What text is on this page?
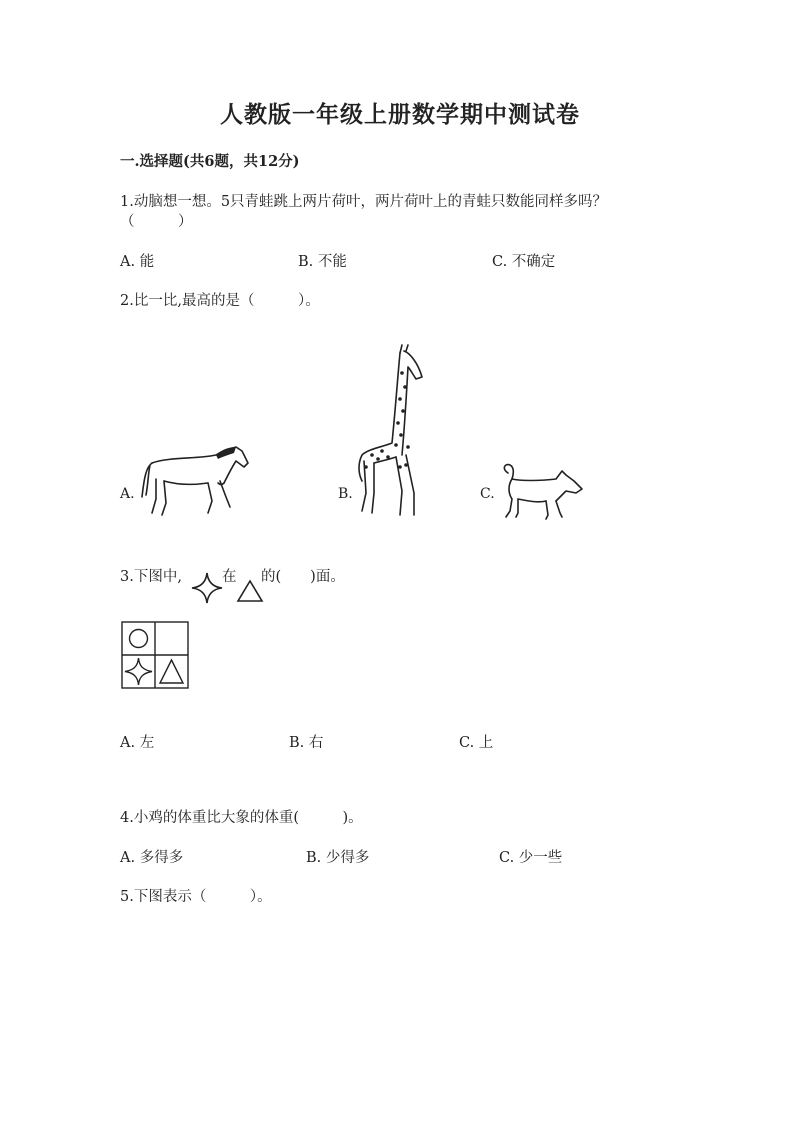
人教版一年级上册数学期中测试卷
一.选择题(共6题，共12分)
1.动脑想一想。5只青蛙跳上两片荷叶，两片荷叶上的青蛙只数能同样多吗？
（　　　）
A. 能	B. 不能	C. 不确定
2.比一比,最高的是（　　　）。
A.	B.	C.
3.下图中,	在 的(　　)面。
A. 左	B. 右	C. 上
4.小鸡的体重比大象的体重(　　　)。
A. 多得多	B. 少得多	C. 少一些
5.下图表示（　　　）。
